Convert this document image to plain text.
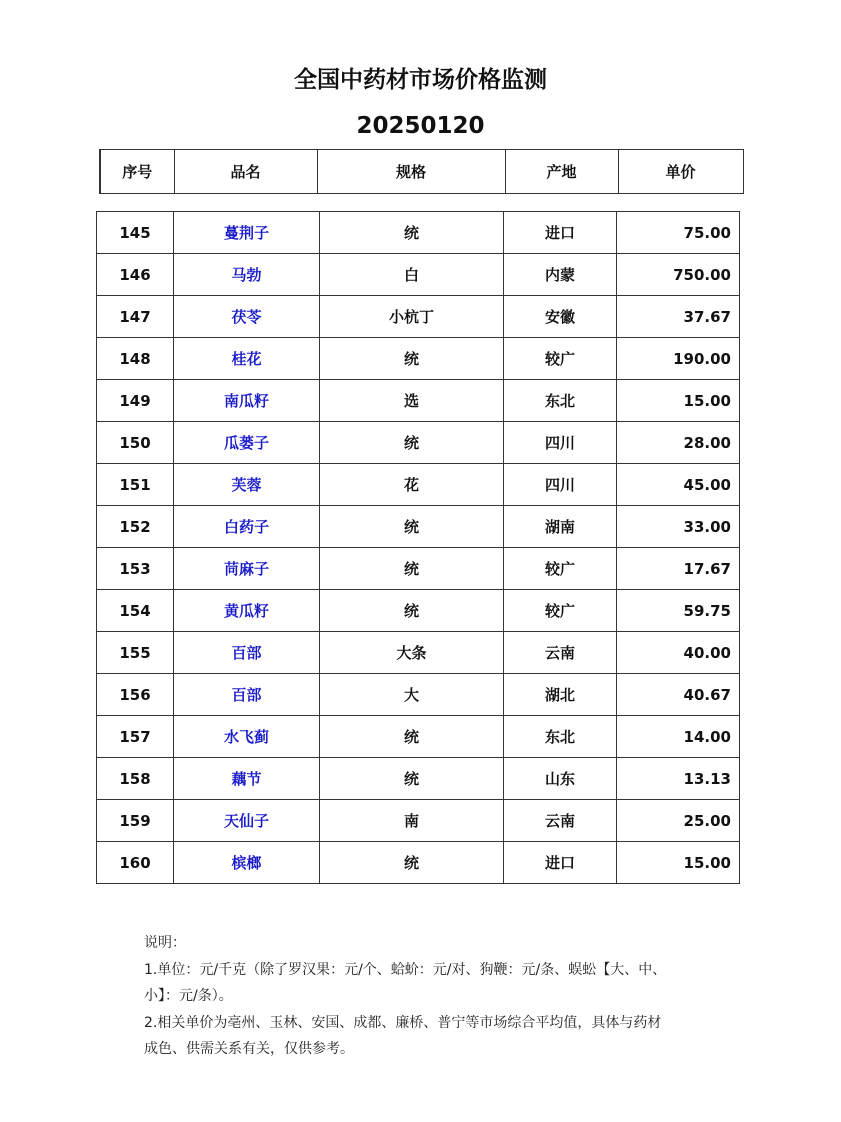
全国中药材市场价格监测
20250120
序号	品名	规格	产地	单价
145	蔓荆子	统	进口	75.00
146	马勃	白	内蒙	750.00
147	茯苓	小杭丁	安徽	37.67
148	桂花	统	较广	190.00
149	南瓜籽	选	东北	15.00
150	瓜蒌子	统	四川	28.00
151	芙蓉	花	四川	45.00
152	白药子	统	湖南	33.00
153	苘麻子	统	较广	17.67
154	黄瓜籽	统	较广	59.75
155	百部	大条	云南	40.00
156	百部	大	湖北	40.67
157	水飞蓟	统	东北	14.00
158	藕节	统	山东	13.13
159	天仙子	南	云南	25.00
160	槟榔	统	进口	15.00

说明：

1.单位：元/千克（除了罗汉果：元/个、蛤蚧：元/对、狗鞭：元/条、蜈蚣【大、中、

小】：元/条）。

2.相关单价为亳州、玉林、安国、成都、廉桥、普宁等市场综合平均值，具体与药材

成色、供需关系有关，仅供参考。
